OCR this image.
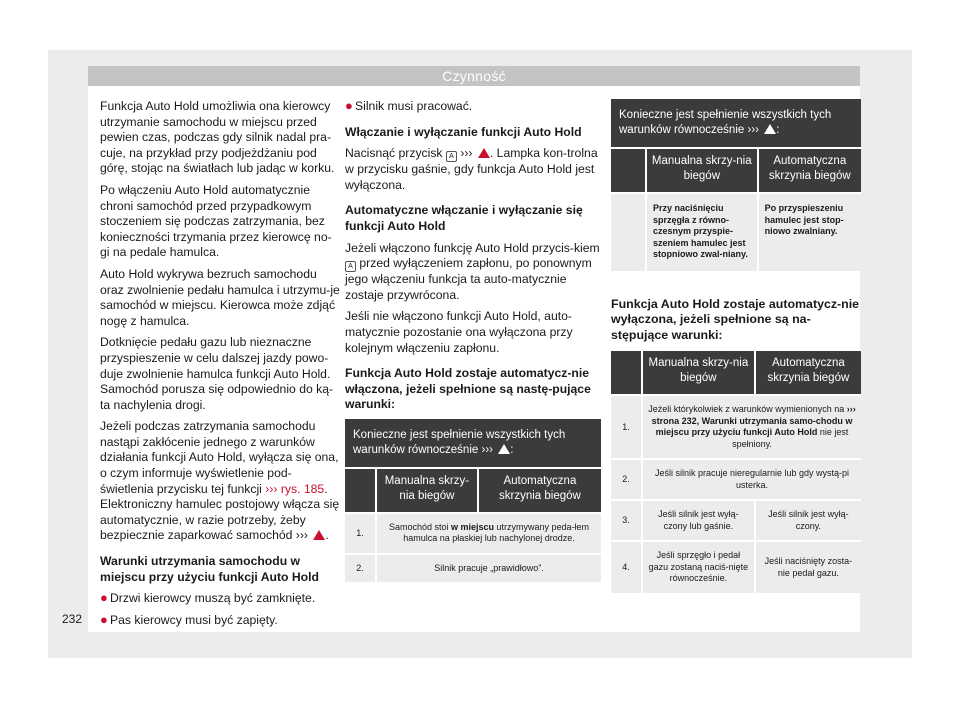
Czynność

Funkcja Auto Hold umożliwia ona kierowcy utrzymanie samochodu w miejscu przed pewien czas, podczas gdy silnik nadal pra-cuje, na przykład przy podjeżdżaniu pod górę, stojąc na światłach lub jadąc w korku.

Po włączeniu Auto Hold automatycznie chroni samochód przed przypadkowym stoczeniem się podczas zatrzymania, bez konieczności trzymania przez kierowcę no-gi na pedale hamulca.

Auto Hold wykrywa bezruch samochodu oraz zwolnienie pedału hamulca i utrzymu-je samochód w miejscu. Kierowca może zdjąć nogę z hamulca.

Dotknięcie pedału gazu lub nieznaczne przyspieszenie w celu dalszej jazdy powo-duje zwolnienie hamulca funkcji Auto Hold. Samochód porusza się odpowiednio do ką-ta nachylenia drogi.

Jeżeli podczas zatrzymania samochodu nastąpi zakłócenie jednego z warunków działania funkcji Auto Hold, wyłącza się ona, o czym informuje wyświetlenie pod-świetlenia przycisku tej funkcji ››› rys. 185. Elektroniczny hamulec postojowy włącza się automatycznie, w razie potrzeby, żeby bezpiecznie zaparkować samochód ››› .

Warunki utrzymania samochodu w miejscu przy użyciu funkcji Auto Hold

● Drzwi kierowcy muszą być zamknięte.

● Pas kierowcy musi być zapięty.

● Silnik musi pracować.

Włączanie i wyłączanie funkcji Auto Hold

Nacisnąć przycisk A ››› . Lampka kon-trolna w przycisku gaśnie, gdy funkcja Auto Hold jest wyłączona.

Automatyczne włączanie i wyłączanie się funkcji Auto Hold

Jeżeli włączono funkcję Auto Hold przycis-kiem A przed wyłączeniem zapłonu, po ponownym jego włączeniu funkcja ta auto-matycznie zostaje przywrócona.

Jeśli nie włączono funkcji Auto Hold, auto-matycznie pozostanie ona wyłączona przy kolejnym włączeniu zapłonu.

Funkcja Auto Hold zostaje automatycz-nie włączona, jeżeli spełnione są nastę-pujące warunki:

Konieczne jest spełnienie wszystkich tych warunków równocześnie ››› :
	Manualna skrzy-nia biegów	Automatyczna skrzynia biegów
1.	Samochód stoi w miejscu utrzymywany peda-łem hamulca na płaskiej lub nachylonej drodze.	
2.	Silnik pracuje „prawidłowo”.	
Konieczne jest spełnienie wszystkich tych warunków równocześnie ››› :
	Manualna skrzy-nia biegów	Automatyczna skrzynia biegów
	Przy naciśnięciu sprzęgła z równo-czesnym przyspie-szeniem hamulec jest stopniowo zwal-niany.	Po przyspieszeniu hamulec jest stop-niowo zwalniany.

Funkcja Auto Hold zostaje automatycz-nie wyłączona, jeżeli spełnione są na-stępujące warunki:

	Manualna skrzy-nia biegów	Automatyczna skrzynia biegów
1.	Jeżeli którykolwiek z warunków wymienionych na ››› strona 232, Warunki utrzymania samo-chodu w miejscu przy użyciu funkcji Auto Hold nie jest spełniony.	
2.	Jeśli silnik pracuje nieregularnie lub gdy wystą-pi usterka.	
3.	Jeśli silnik jest wyłą-czony lub gaśnie.	Jeśli silnik jest wyłą-czony.
4.	Jeśli sprzęgło i pedał gazu zostaną naciś-nięte równocześnie.	Jeśli naciśnięty zosta-nie pedał gazu.
232
